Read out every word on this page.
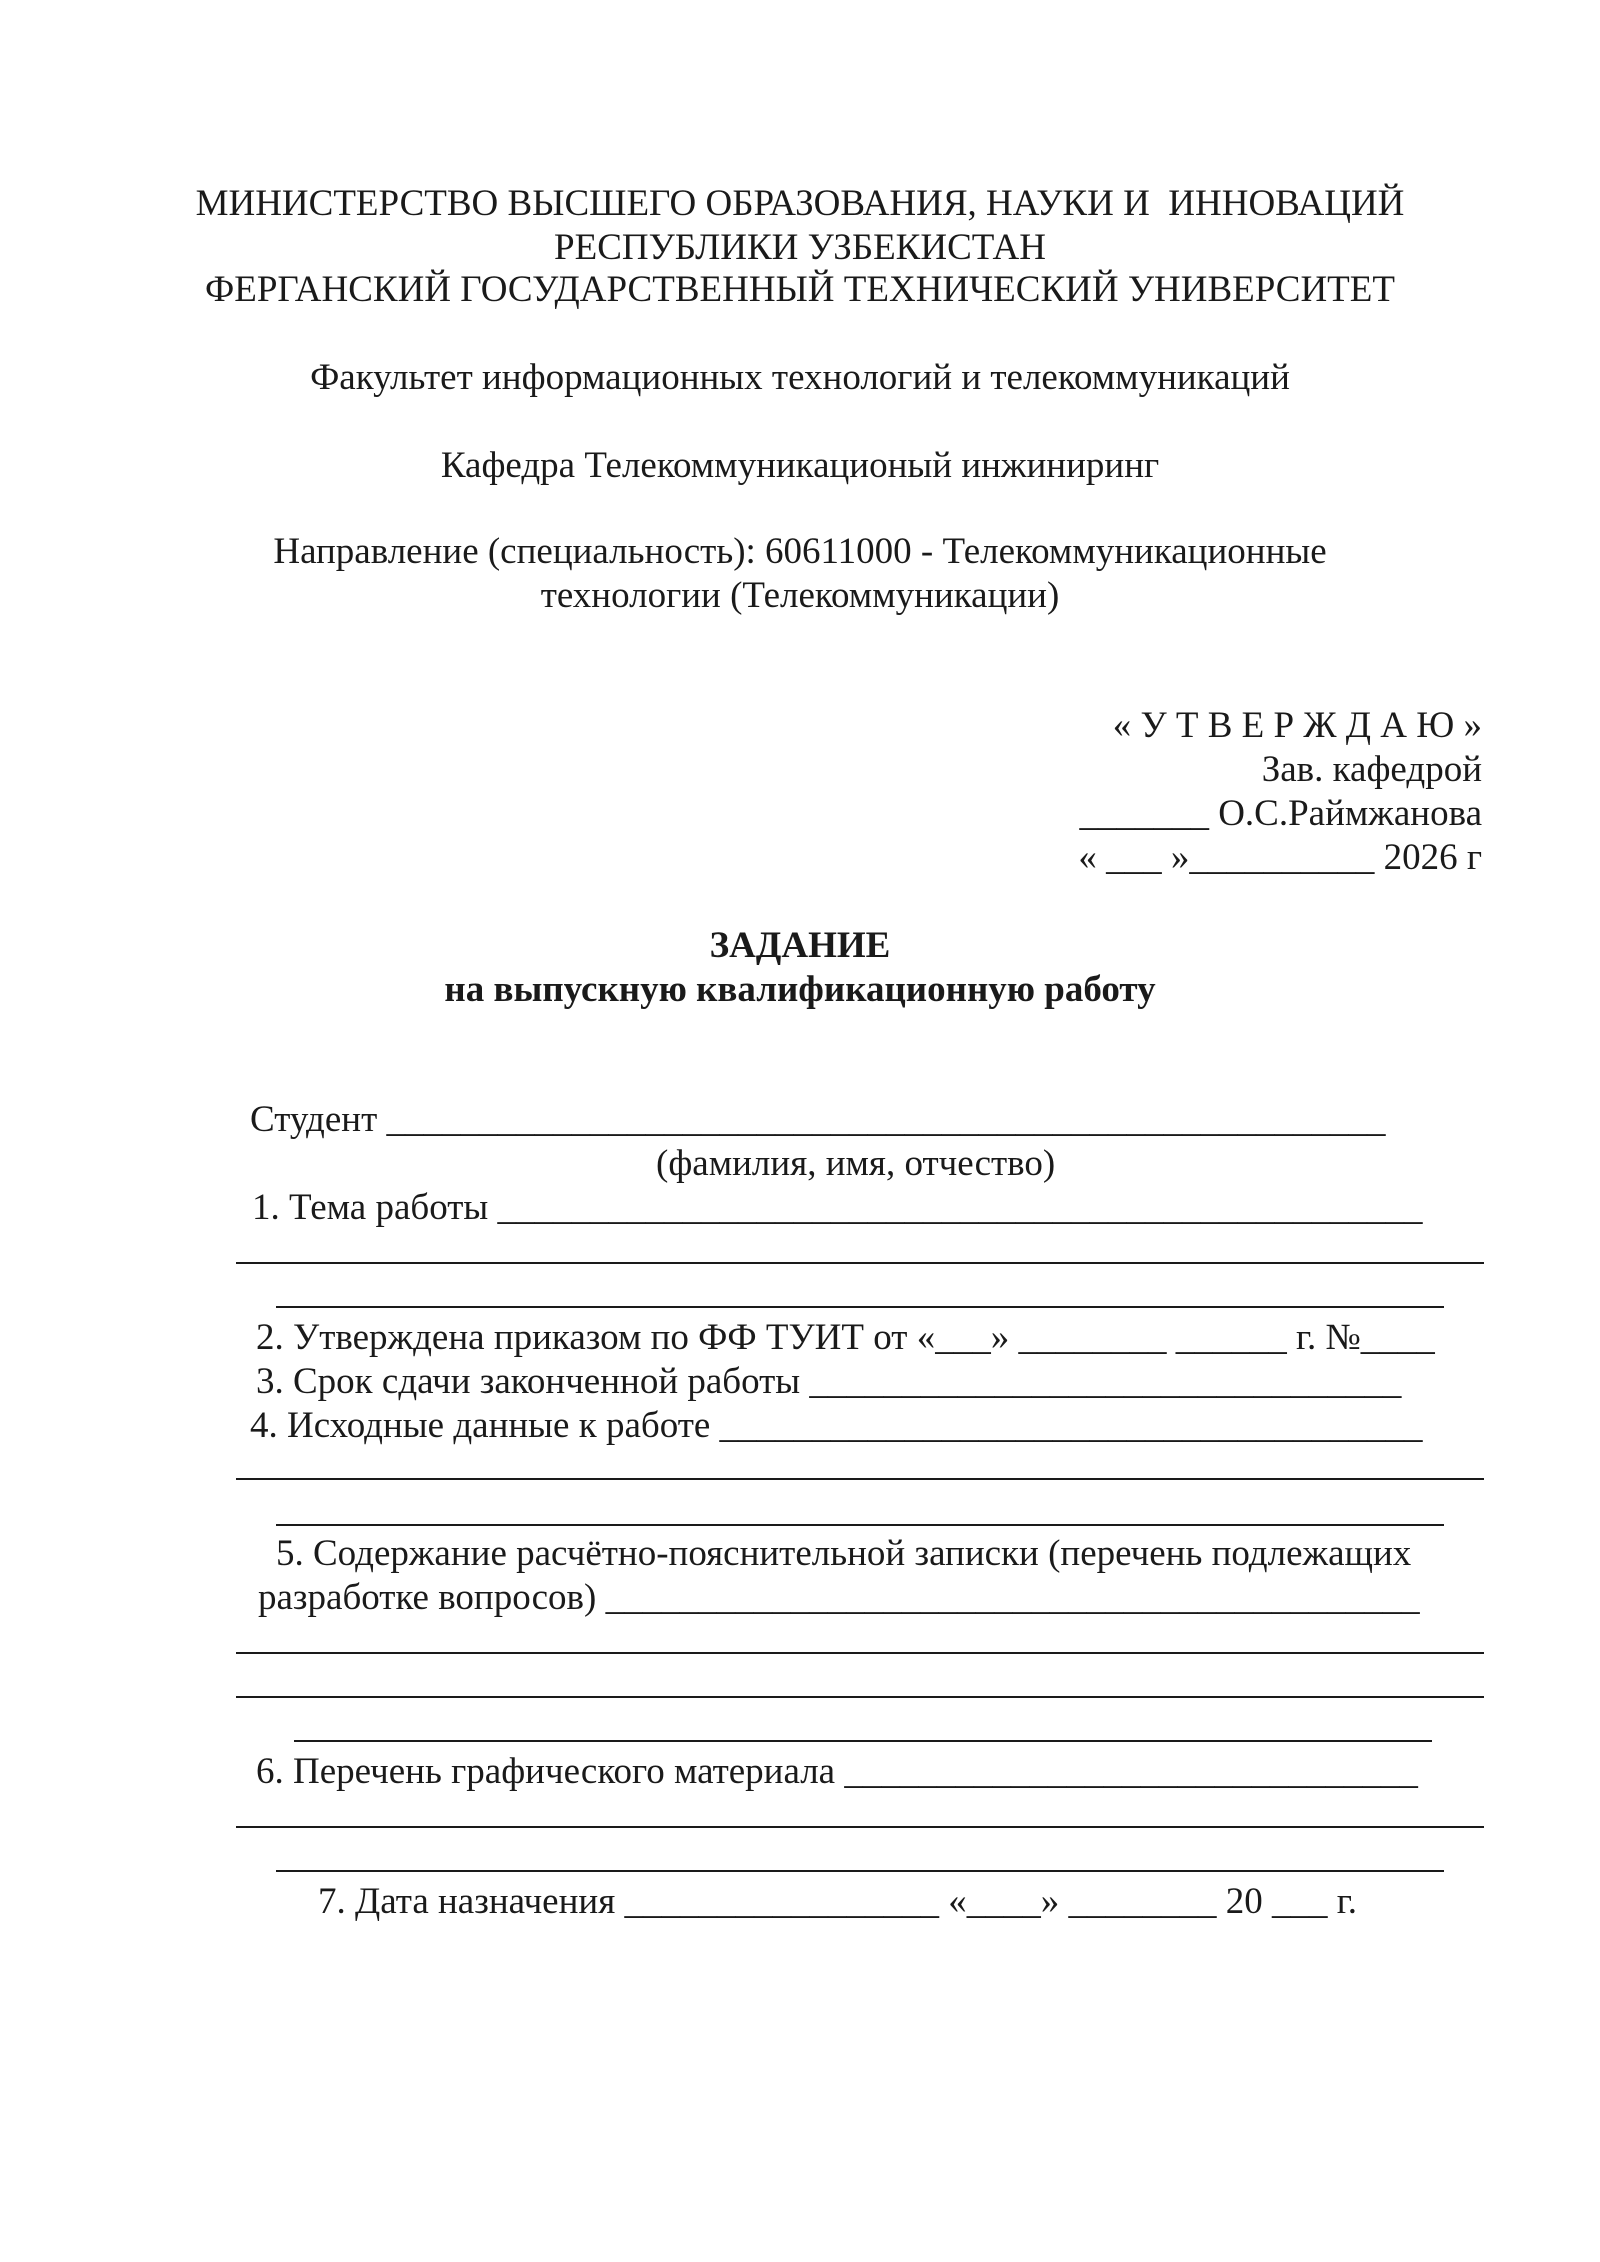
МИНИСТЕРСТВО ВЫСШЕГО ОБРАЗОВАНИЯ, НАУКИ И  ИННОВАЦИЙ

РЕСПУБЛИКИ УЗБЕКИСТАН

ФЕРГАНСКИЙ ГОСУДАРСТВЕННЫЙ ТЕХНИЧЕСКИЙ УНИВЕРСИТЕТ

Факультет информационных технологий и телекоммуникаций

Кафедра Телекоммуникационый инжиниринг

Направление (специальность): 60611000 - Телекоммуникационные

технологии (Телекоммуникации)

« У Т В Е Р Ж Д А Ю »

Зав. кафедрой

_______ О.С.Раймжанова

« ___ »__________ 2026 г

ЗАДАНИЕ

на выпускную квалификационную работу

Студент ______________________________________________________

(фамилия, имя, отчество)

1. Тема работы __________________________________________________

2. Утверждена приказом по ФФ ТУИТ от «___» ________ ______ г. №____

3. Срок сдачи законченной работы ________________________________

4. Исходные данные к работе ______________________________________

5. Содержание расчётно-пояснительной записки (перечень подлежащих

разработке вопросов) ____________________________________________

6. Перечень графического материала _______________________________

7. Дата назначения _________________ «____» ________ 20 ___ г.
